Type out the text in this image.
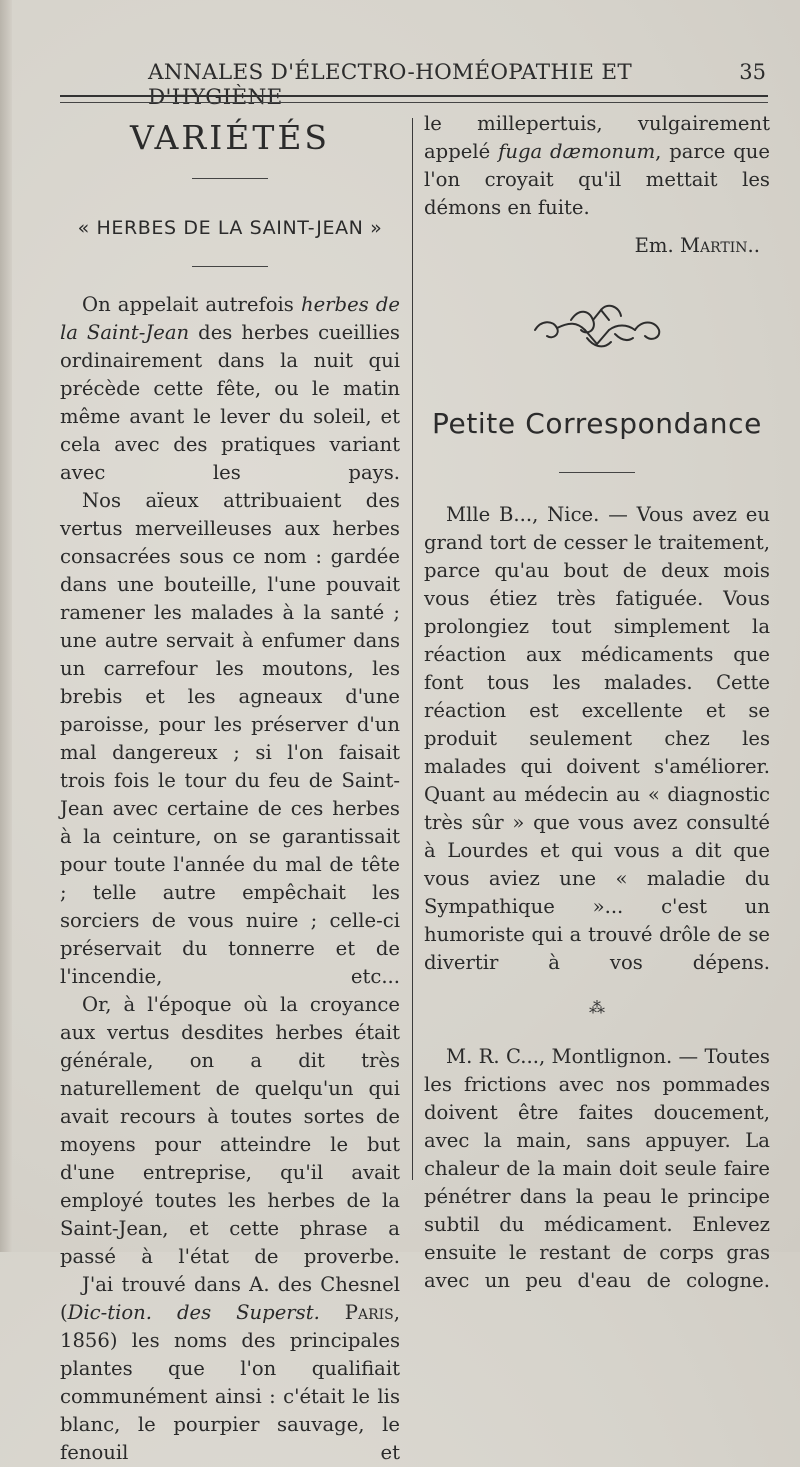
ANNALES D'ÉLECTRO-HOMÉOPATHIE ET D'HYGIÈNE
35
VARIÉTÉS
« HERBES DE LA SAINT-JEAN »

On appelait autrefois herbes de la Saint-Jean des herbes cueillies ordinairement dans la nuit qui précède cette fête, ou le matin même avant le lever du soleil, et cela avec des pratiques variant avec les pays.

Nos aïeux attribuaient des vertus merveilleuses aux herbes consacrées sous ce nom : gardée dans une bouteille, l'une pouvait ramener les malades à la santé ; une autre servait à enfumer dans un carrefour les moutons, les brebis et les agneaux d'une paroisse, pour les préserver d'un mal dangereux ; si l'on faisait trois fois le tour du feu de Saint-Jean avec certaine de ces herbes à la ceinture, on se garantissait pour toute l'année du mal de tête ; telle autre empêchait les sorciers de vous nuire ; celle-ci préservait du tonnerre et de l'incendie, etc...

Or, à l'époque où la croyance aux vertus desdites herbes était générale, on a dit très naturellement de quelqu'un qui avait recours à toutes sortes de moyens pour atteindre le but d'une entreprise, qu'il avait employé toutes les herbes de la Saint-Jean, et cette phrase a passé à l'état de proverbe.

J'ai trouvé dans A. des Chesnel (Dic-tion. des Superst. Paris, 1856) les noms des principales plantes que l'on qualifiait communément ainsi : c'était le lis blanc, le pourpier sauvage, le fenouil et

le millepertuis, vulgairement appelé fuga dæmonum, parce que l'on croyait qu'il mettait les démons en fuite.

Em. Martin..

Petite Correspondance

Mlle B..., Nice. — Vous avez eu grand tort de cesser le traitement, parce qu'au bout de deux mois vous étiez très fatiguée. Vous prolongiez tout simplement la réaction aux médicaments que font tous les malades. Cette réaction est excellente et se produit seulement chez les malades qui doivent s'améliorer. Quant au médecin au « diagnostic très sûr » que vous avez consulté à Lourdes et qui vous a dit que vous aviez une « maladie du Sympathique »... c'est un humoriste qui a trouvé drôle de se divertir à vos dépens.

⁂

M. R. C..., Montlignon. — Toutes les frictions avec nos pommades doivent être faites doucement, avec la main, sans appuyer. La chaleur de la main doit seule faire pénétrer dans la peau le principe subtil du médicament. Enlevez ensuite le restant de corps gras avec un peu d'eau de cologne.
